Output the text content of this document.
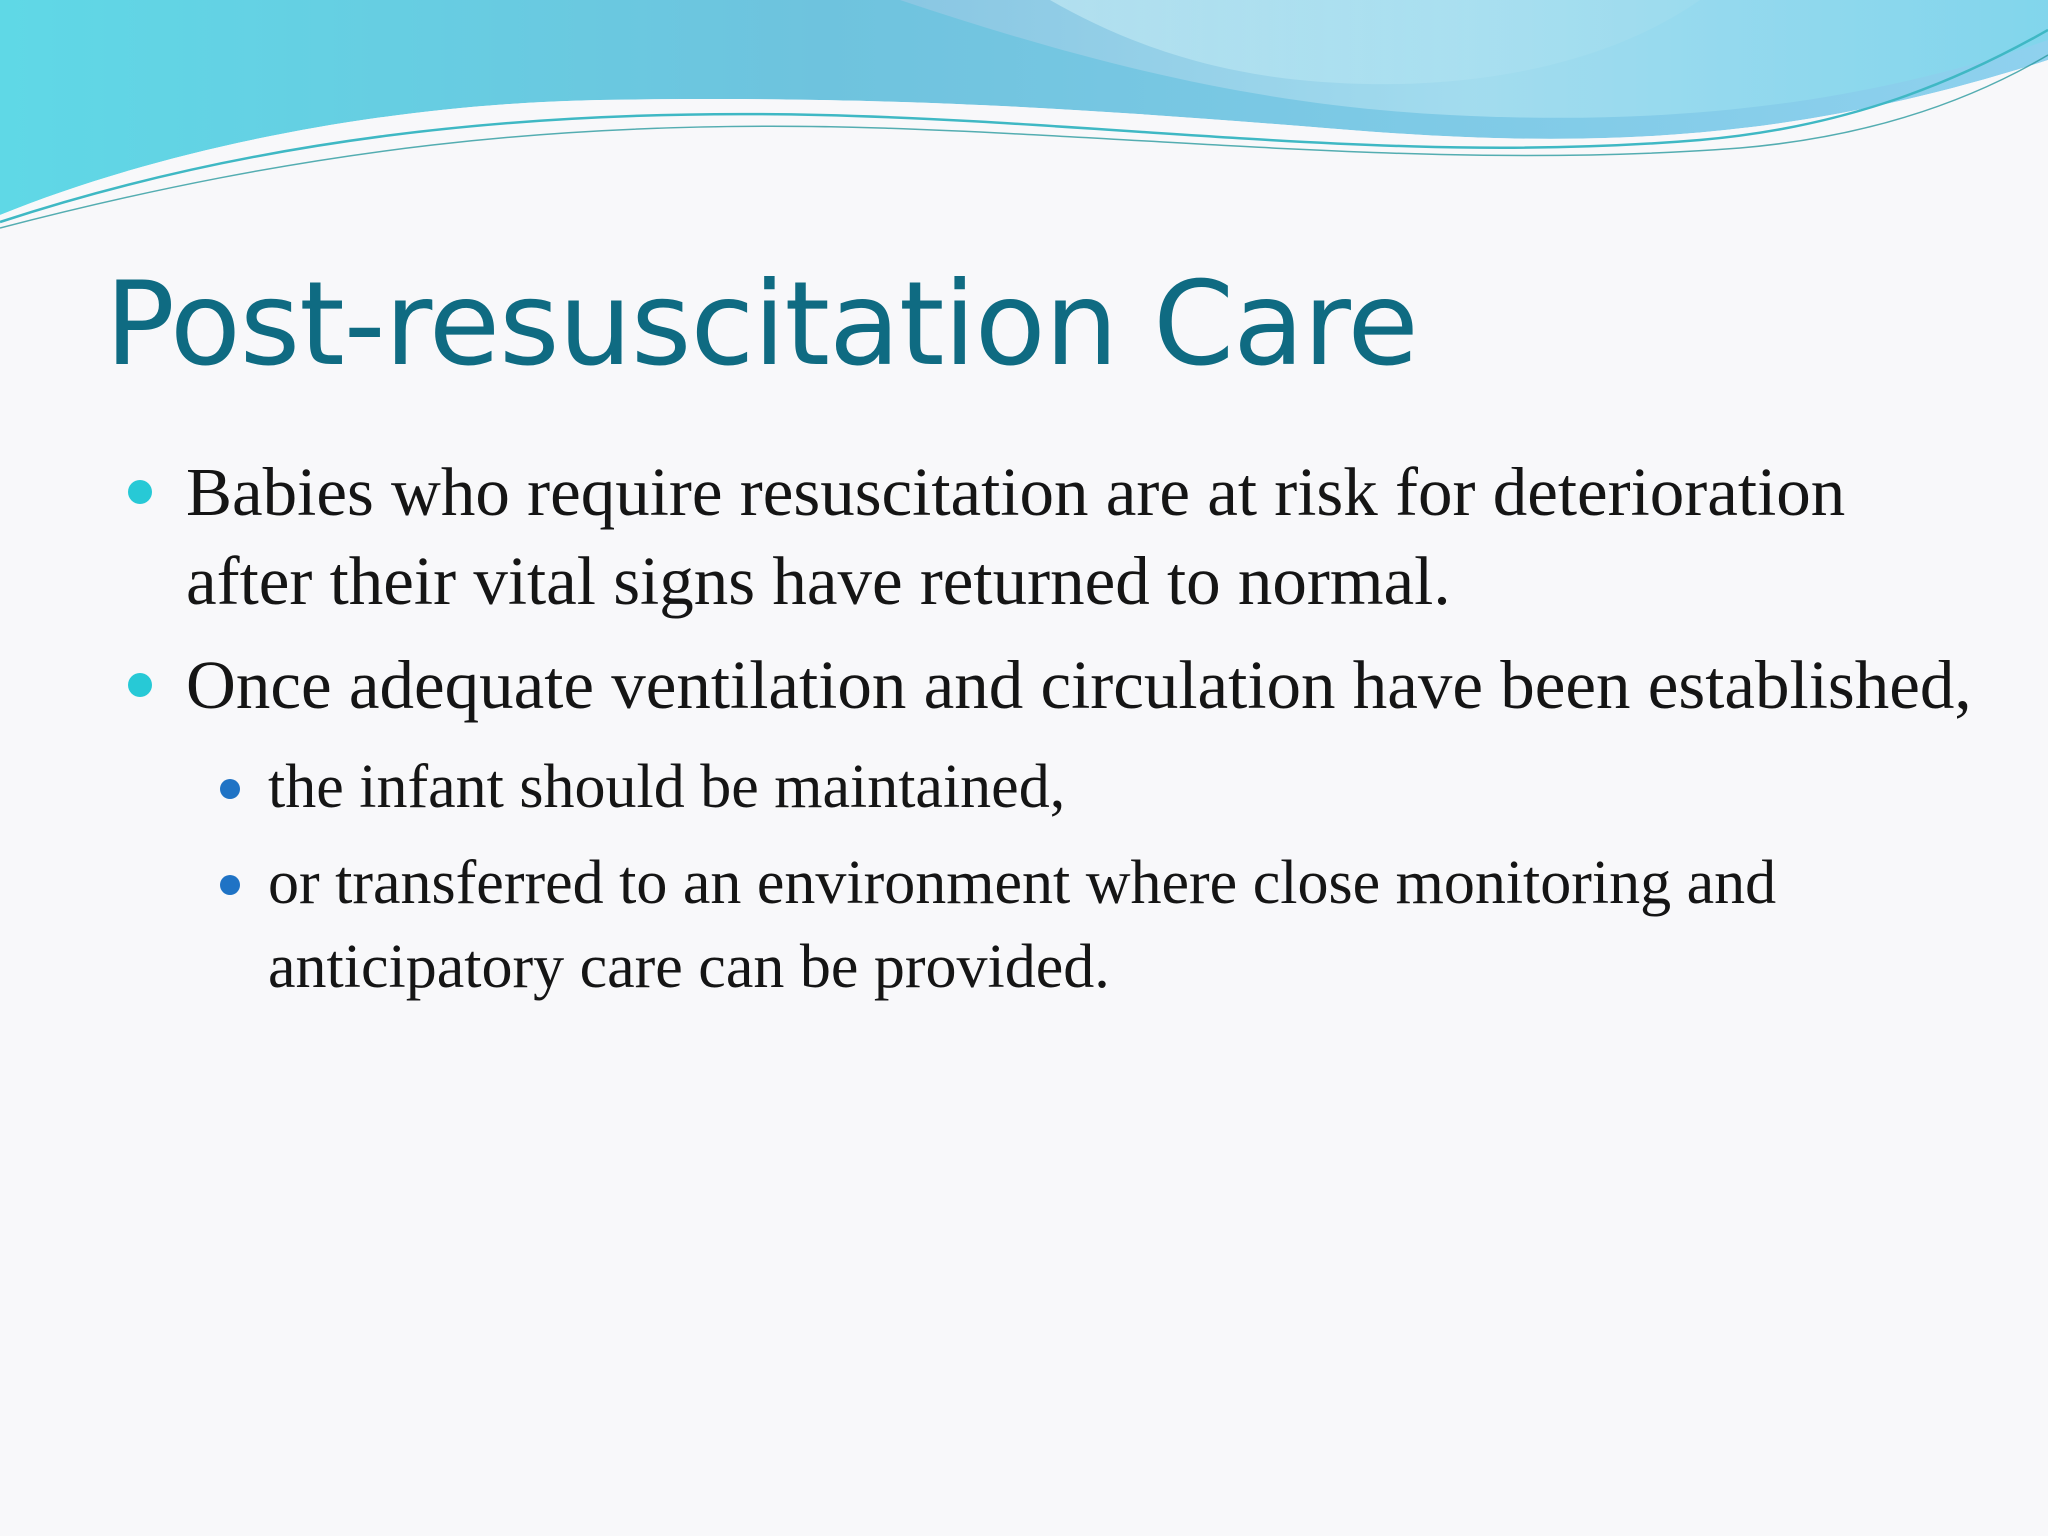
Post-resuscitation Care
Babies who require resuscitation are at risk for deterioration after their vital signs have returned to normal.
Once adequate ventilation and circulation have been established,
the infant should be maintained,
or transferred to an environment where close monitoring and anticipatory care can be provided.
